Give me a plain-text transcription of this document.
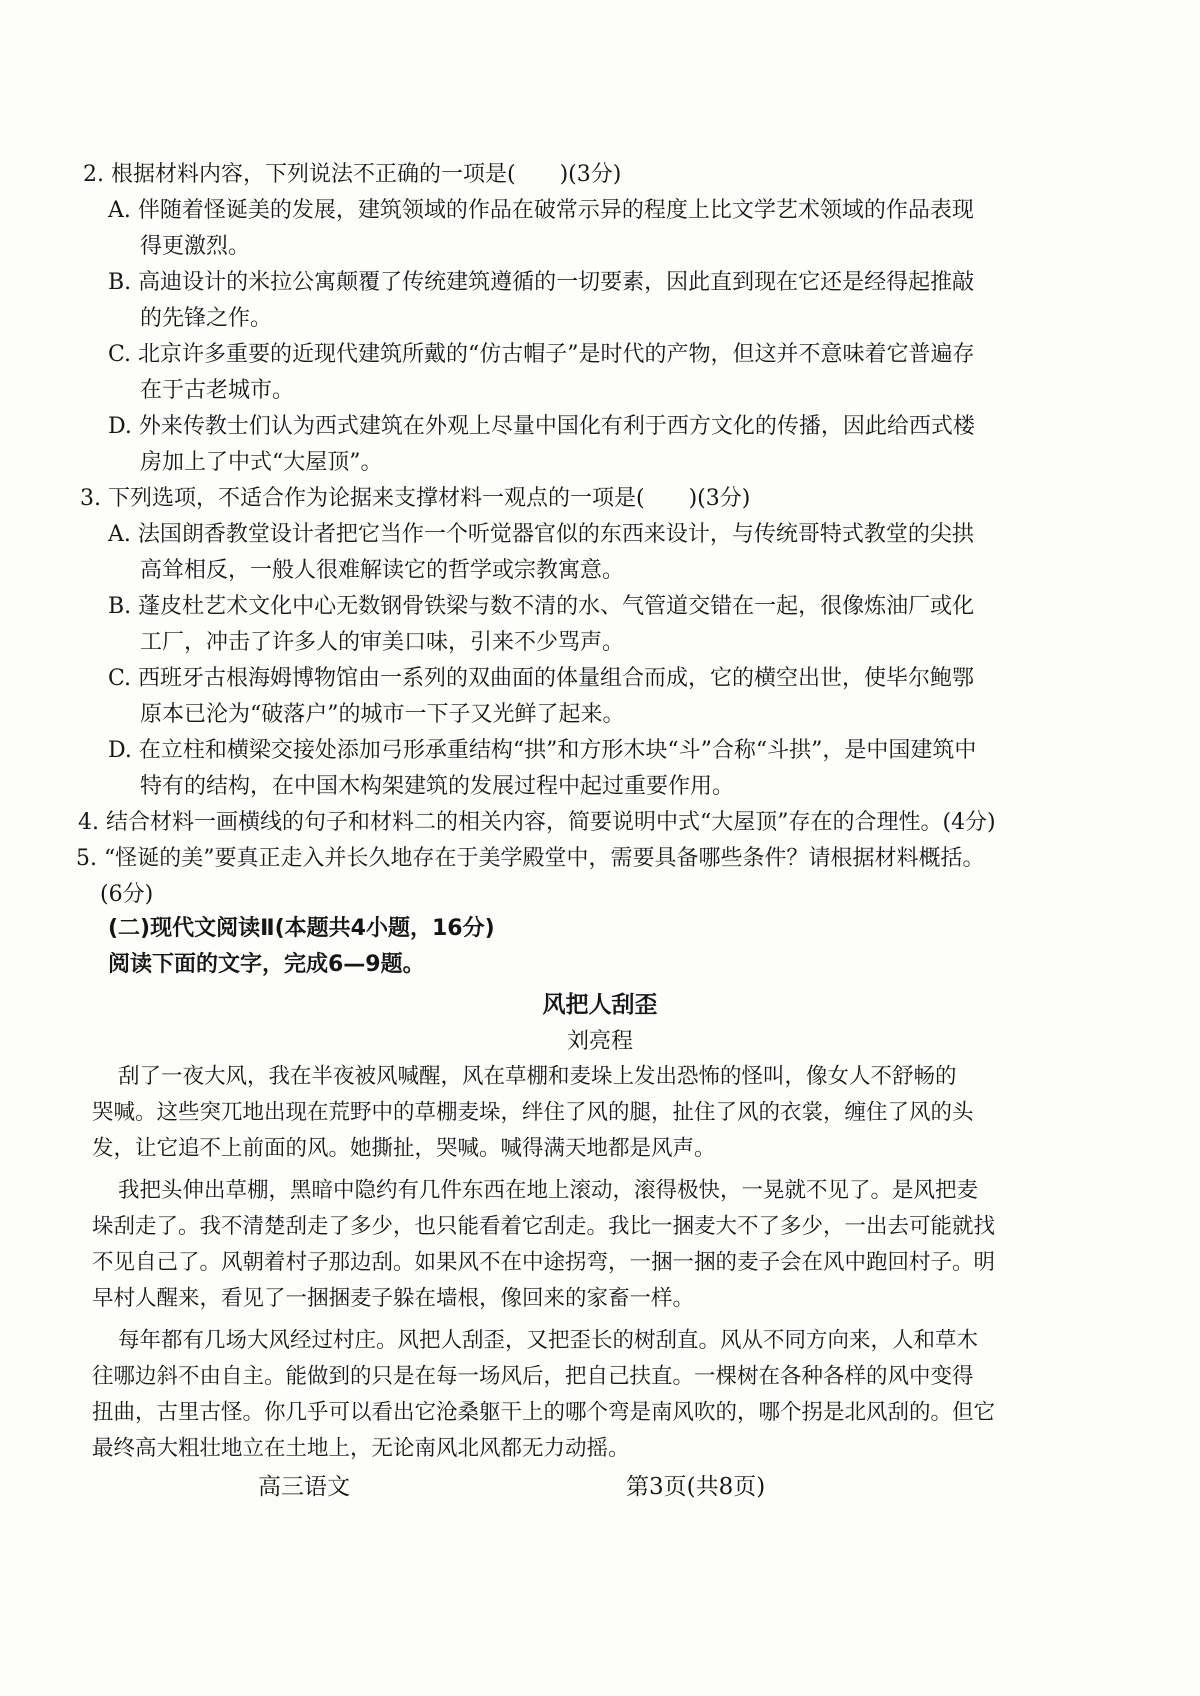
2. 根据材料内容，下列说法不正确的一项是(　　)(3分)
A. 伴随着怪诞美的发展，建筑领域的作品在破常示异的程度上比文学艺术领域的作品表现
得更激烈。
B. 高迪设计的米拉公寓颠覆了传统建筑遵循的一切要素，因此直到现在它还是经得起推敲
的先锋之作。
C. 北京许多重要的近现代建筑所戴的“仿古帽子”是时代的产物，但这并不意味着它普遍存
在于古老城市。
D. 外来传教士们认为西式建筑在外观上尽量中国化有利于西方文化的传播，因此给西式楼
房加上了中式“大屋顶”。
3. 下列选项，不适合作为论据来支撑材料一观点的一项是(　　)(3分)
A. 法国朗香教堂设计者把它当作一个听觉器官似的东西来设计，与传统哥特式教堂的尖拱
高耸相反，一般人很难解读它的哲学或宗教寓意。
B. 蓬皮杜艺术文化中心无数钢骨铁梁与数不清的水、气管道交错在一起，很像炼油厂或化
工厂，冲击了许多人的审美口味，引来不少骂声。
C. 西班牙古根海姆博物馆由一系列的双曲面的体量组合而成，它的横空出世，使毕尔鲍鄂
原本已沦为“破落户”的城市一下子又光鲜了起来。
D. 在立柱和横梁交接处添加弓形承重结构“拱”和方形木块“斗”合称“斗拱”，是中国建筑中
特有的结构，在中国木构架建筑的发展过程中起过重要作用。
4. 结合材料一画横线的句子和材料二的相关内容，简要说明中式“大屋顶”存在的合理性。(4分)
5. “怪诞的美”要真正走入并长久地存在于美学殿堂中，需要具备哪些条件？请根据材料概括。
(6分)
(二)现代文阅读Ⅱ(本题共4小题，16分)
阅读下面的文字，完成6—9题。
风把人刮歪
刘亮程
刮了一夜大风，我在半夜被风喊醒，风在草棚和麦垛上发出恐怖的怪叫，像女人不舒畅的
哭喊。这些突兀地出现在荒野中的草棚麦垛，绊住了风的腿，扯住了风的衣裳，缠住了风的头
发，让它追不上前面的风。她撕扯，哭喊。喊得满天地都是风声。
我把头伸出草棚，黑暗中隐约有几件东西在地上滚动，滚得极快，一晃就不见了。是风把麦
垛刮走了。我不清楚刮走了多少，也只能看着它刮走。我比一捆麦大不了多少，一出去可能就找
不见自己了。风朝着村子那边刮。如果风不在中途拐弯，一捆一捆的麦子会在风中跑回村子。明
早村人醒来，看见了一捆捆麦子躲在墙根，像回来的家畜一样。
每年都有几场大风经过村庄。风把人刮歪，又把歪长的树刮直。风从不同方向来，人和草木
往哪边斜不由自主。能做到的只是在每一场风后，把自己扶直。一棵树在各种各样的风中变得
扭曲，古里古怪。你几乎可以看出它沧桑躯干上的哪个弯是南风吹的，哪个拐是北风刮的。但它
最终高大粗壮地立在土地上，无论南风北风都无力动摇。
高三语文	第3页(共8页)
